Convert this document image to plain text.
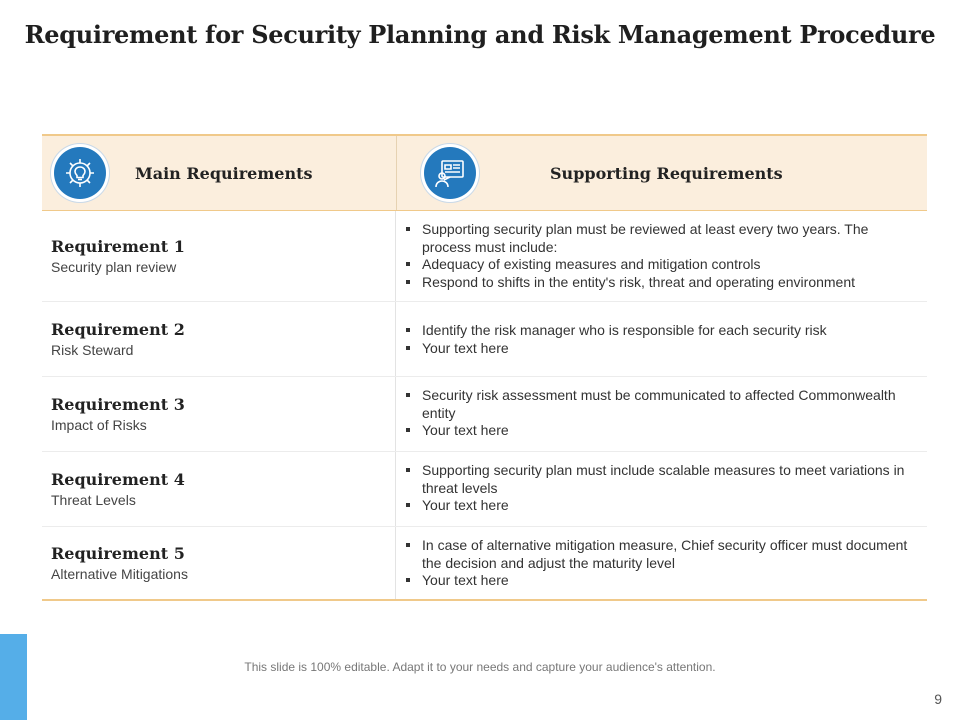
Requirement for Security Planning and Risk Management Procedure
Main Requirements	Supporting Requirements
Requirement 1
Security plan review
Supporting security plan must be reviewed at least every two years. The process must include:
Adequacy of existing measures and mitigation controls
Respond to shifts in the entity's risk, threat and operating environment
Requirement 2
Risk Steward
Identify the risk manager who is responsible for each security risk
Your text here
Requirement 3
Impact of Risks
Security risk assessment must be communicated to affected Commonwealth entity
Your text here
Requirement 4
Threat Levels
Supporting security plan must include scalable measures to meet variations in threat levels
Your text here
Requirement 5
Alternative Mitigations
In case of alternative mitigation measure, Chief security officer must document the decision and adjust the maturity level
Your text here
This slide is 100% editable. Adapt it to your needs and capture your audience's attention.
9
